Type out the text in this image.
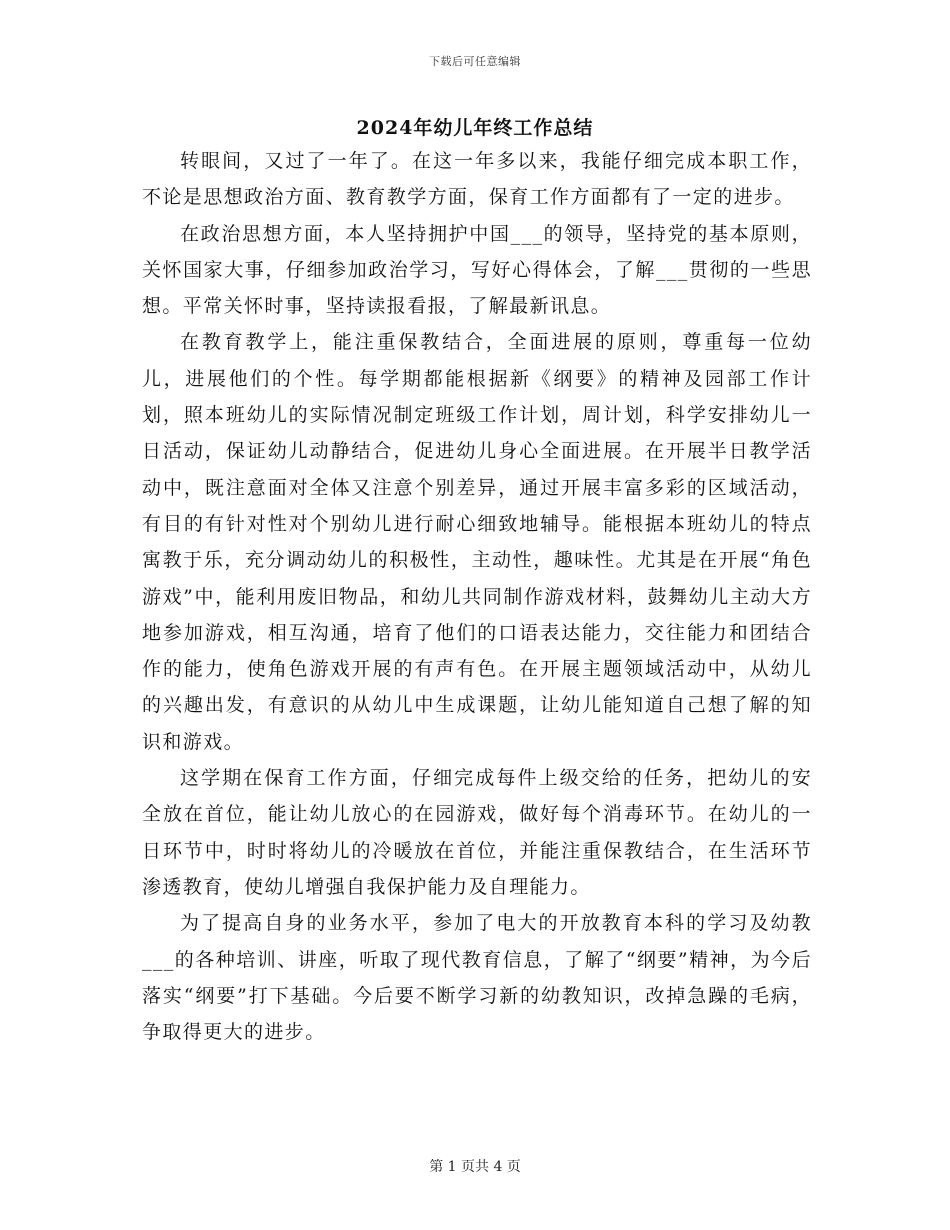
下载后可任意编辑
2024年幼儿年终工作总结

转眼间，又过了一年了。在这一年多以来，我能仔细完成本职工作，不论是思想政治方面、教育教学方面，保育工作方面都有了一定的进步。

在政治思想方面，本人坚持拥护中国___的领导，坚持党的基本原则，关怀国家大事，仔细参加政治学习，写好心得体会，了解___贯彻的一些思想。平常关怀时事，坚持读报看报，了解最新讯息。

在教育教学上，能注重保教结合，全面进展的原则，尊重每一位幼儿，进展他们的个性。每学期都能根据新《纲要》的精神及园部工作计划，照本班幼儿的实际情况制定班级工作计划，周计划，科学安排幼儿一日活动，保证幼儿动静结合，促进幼儿身心全面进展。在开展半日教学活动中，既注意面对全体又注意个别差异，通过开展丰富多彩的区域活动，有目的有针对性对个别幼儿进行耐心细致地辅导。能根据本班幼儿的特点寓教于乐，充分调动幼儿的积极性，主动性，趣味性。尤其是在开展“角色游戏”中，能利用废旧物品，和幼儿共同制作游戏材料，鼓舞幼儿主动大方地参加游戏，相互沟通，培育了他们的口语表达能力，交往能力和团结合作的能力，使角色游戏开展的有声有色。在开展主题领域活动中，从幼儿的兴趣出发，有意识的从幼儿中生成课题，让幼儿能知道自己想了解的知识和游戏。

这学期在保育工作方面，仔细完成每件上级交给的任务，把幼儿的安全放在首位，能让幼儿放心的在园游戏，做好每个消毒环节。在幼儿的一日环节中，时时将幼儿的冷暖放在首位，并能注重保教结合，在生活环节渗透教育，使幼儿增强自我保护能力及自理能力。

为了提高自身的业务水平，参加了电大的开放教育本科的学习及幼教___的各种培训、讲座，听取了现代教育信息，了解了“纲要”精神，为今后落实“纲要”打下基础。今后要不断学习新的幼教知识，改掉急躁的毛病，争取得更大的进步。

第 1 页共 4 页
